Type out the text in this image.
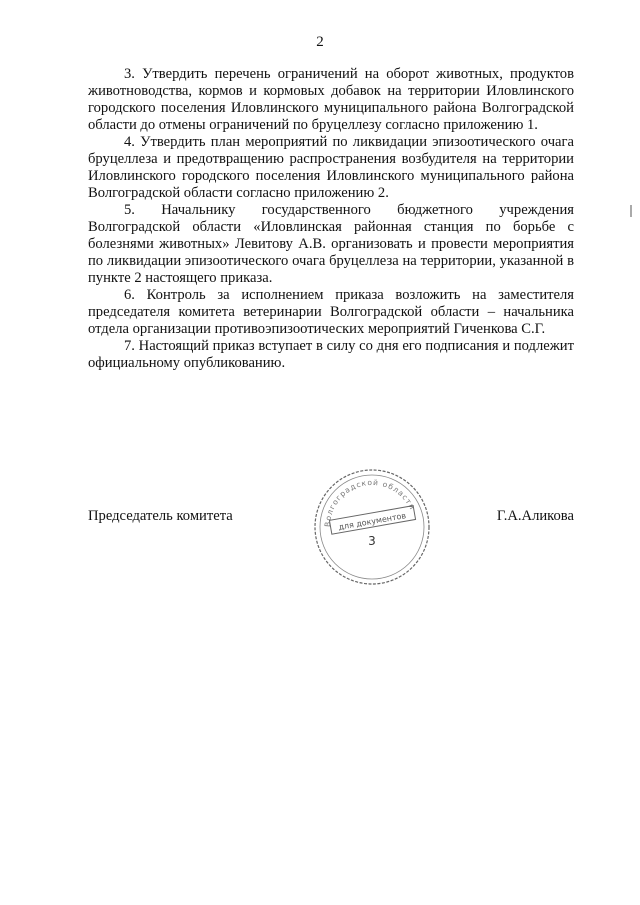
2

3. Утвердить перечень ограничений на оборот животных, продуктов животноводства, кормов и кормовых добавок на территории Иловлинского городского поселения Иловлинского муниципального района Волгоградской области до отмены ограничений по бруцеллезу согласно приложению 1.

4. Утвердить план мероприятий по ликвидации эпизоотического очага бруцеллеза и предотвращению распространения возбудителя на территории Иловлинского городского поселения Иловлинского муниципального района Волгоградской области согласно приложению 2.

5. Начальнику государственного бюджетного учреждения Волгоградской области «Иловлинская районная станция по борьбе с болезнями животных» Левитову А.В. организовать и провести мероприятия по ликвидации эпизоотического очага бруцеллеза на территории, указанной в пункте 2 настоящего приказа.

6. Контроль за исполнением приказа возложить на заместителя председателя комитета ветеринарии Волгоградской области – начальника отдела организации противоэпизоотических мероприятий Гиченкова С.Г.

7. Настоящий приказ вступает в силу со дня его подписания и подлежит официальному опубликованию.

Председатель комитета	Г.А.Аликова
Волгоградской области
для документов
3
